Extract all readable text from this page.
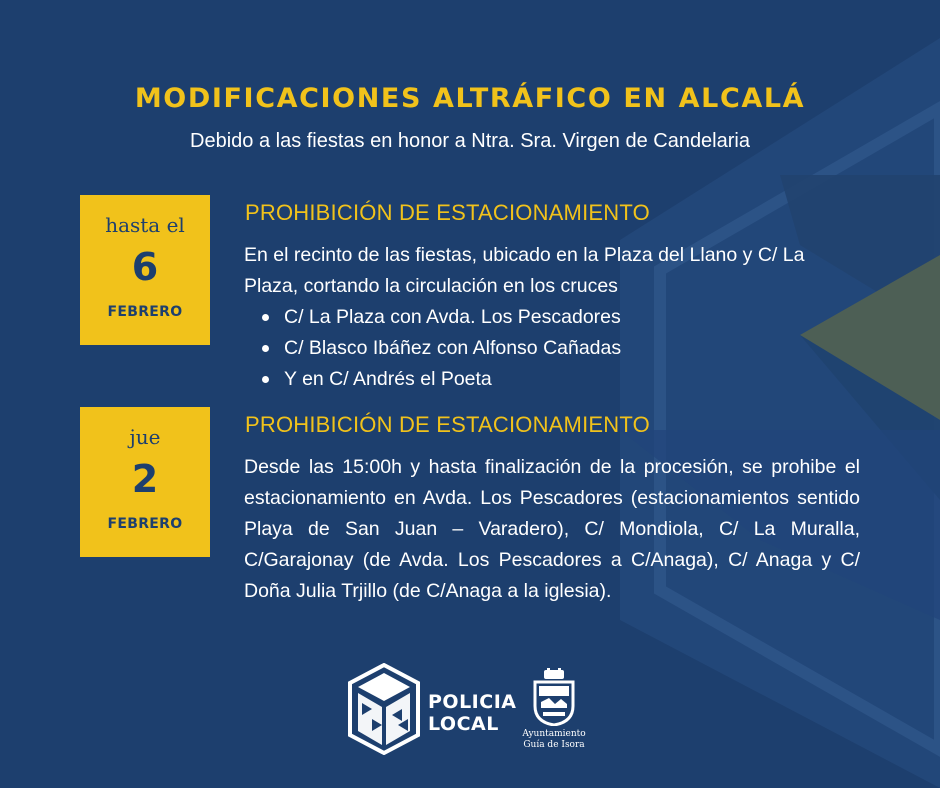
MODIFICACIONES ALTRÁFICO EN ALCALÁ
Debido a las fiestas en honor a Ntra. Sra. Virgen de Candelaria
hasta el
6
FEBRERO
PROHIBICIÓN DE ESTACIONAMIENTO
En el recinto de las fiestas, ubicado en la Plaza del Llano y C/ La Plaza, cortando la circulación en los cruces
C/ La Plaza con Avda. Los Pescadores
C/ Blasco Ibáñez con Alfonso Cañadas
Y en C/ Andrés el Poeta
jue
2
FEBRERO
PROHIBICIÓN DE ESTACIONAMIENTO
Desde las 15:00h y hasta finalización de la procesión, se prohibe el estacionamiento en Avda. Los Pescadores (estacionamientos sentido Playa de San Juan – Varadero), C/ Mondiola, C/ La Muralla, C/Garajonay (de Avda. Los Pescadores a C/Anaga), C/ Anaga y C/ Doña Julia Trjillo (de C/Anaga a la iglesia).
POLICIA
LOCAL	Ayuntamiento
Guía de Isora
